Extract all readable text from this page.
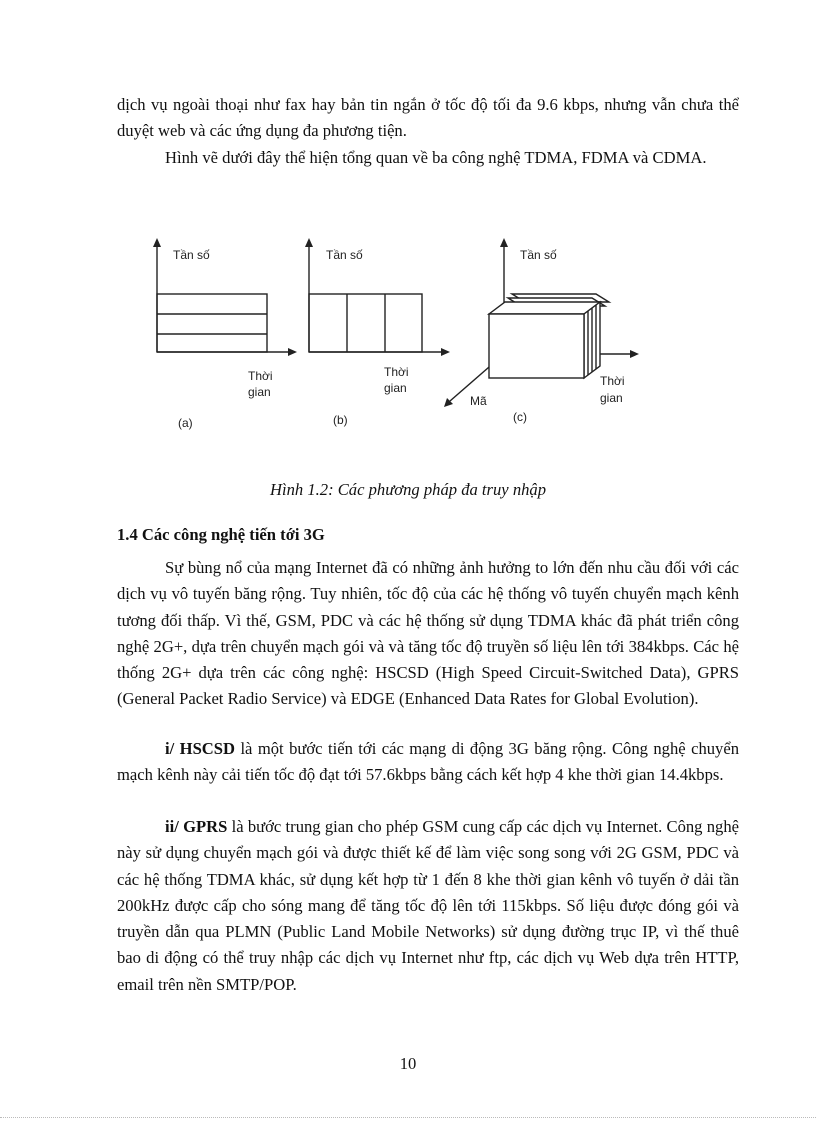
dịch vụ ngoài thoại như fax hay bản tin ngắn ở tốc độ tối đa 9.6 kbps, nhưng vẫn chưa thể duyệt web và các ứng dụng đa phương tiện.

Hình vẽ dưới đây thể hiện tổng quan về ba công nghệ TDMA, FDMA và CDMA.

Tần số
Thời
gian
(a)
Tần số
Thời
gian
(b)
Tần số
Thời
gian
Mã
(c)

Hình 1.2: Các phương pháp đa truy nhập

1.4 Các công nghệ tiến tới 3G

Sự bùng nổ của mạng Internet đã có những ảnh hưởng to lớn đến nhu cầu đối với các dịch vụ vô tuyến băng rộng. Tuy nhiên, tốc độ của các hệ thống vô tuyến chuyển mạch kênh tương đối thấp. Vì thế, GSM, PDC và các hệ thống sử dụng TDMA khác đã phát triển công nghệ 2G+, dựa trên chuyển mạch gói và và tăng tốc độ truyền số liệu lên tới 384kbps. Các hệ thống 2G+ dựa trên các công nghệ: HSCSD (High Speed Circuit-Switched Data), GPRS (General Packet Radio Service) và EDGE (Enhanced Data Rates for Global Evolution).

i/ HSCSD là một bước tiến tới các mạng di động 3G băng rộng. Công nghệ chuyển mạch kênh này cải tiến tốc độ đạt tới 57.6kbps bằng cách kết hợp 4 khe thời gian 14.4kbps.

ii/ GPRS là bước trung gian cho phép GSM cung cấp các dịch vụ Internet. Công nghệ này sử dụng chuyển mạch gói và được thiết kế để làm việc song song với 2G GSM, PDC và các hệ thống TDMA khác, sử dụng kết hợp từ 1 đến 8 khe thời gian kênh vô tuyến ở dải tần 200kHz được cấp cho sóng mang để tăng tốc độ lên tới 115kbps. Số liệu được đóng gói và truyền dẫn qua PLMN (Public Land Mobile Networks) sử dụng đường trục IP, vì thế thuê bao di động có thể truy nhập các dịch vụ Internet như ftp, các dịch vụ Web dựa trên HTTP, email trên nền SMTP/POP.

10
